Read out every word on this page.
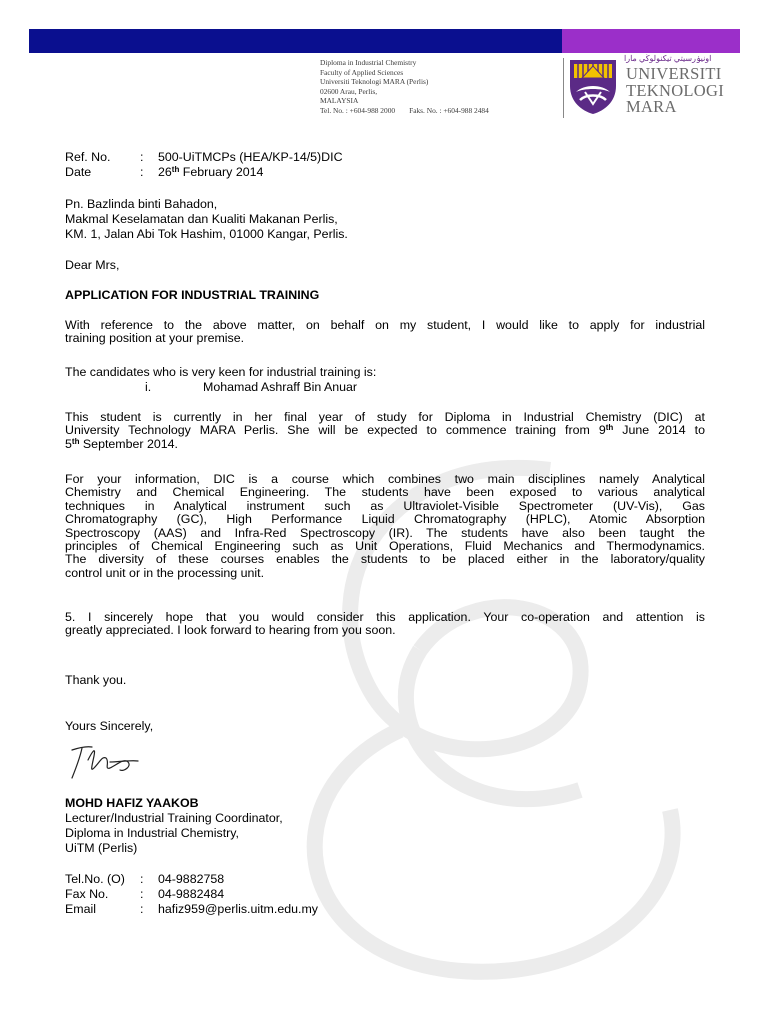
Diploma in Industrial Chemistry
Faculty of Applied Sciences
Universiti Teknologi MARA (Perlis)
02600 Arau, Perlis,
MALAYSIA
Tel. No. : +604-988 2000 Faks. No. : +604-988 2484
اونيۏرسيتي تيکنولوڬي مارا
UNIVERSITI
TEKNOLOGI
MARA
Ref. No. : 500-UiTMCPs (HEA/KP-14/5)DIC
Date	: 26th February 2014
Pn. Bazlinda binti Bahadon,
Makmal Keselamatan dan Kualiti Makanan Perlis,
KM. 1, Jalan Abi Tok Hashim, 01000 Kangar, Perlis.
Dear Mrs,
APPLICATION FOR INDUSTRIAL TRAINING
With reference to the above matter, on behalf on my student, I would like to apply for industrial
training position at your premise.
The candidates who is very keen for industrial training is:
i.	Mohamad Ashraff Bin Anuar
This student is currently in her final year of study for Diploma in Industrial Chemistry (DIC) at
University Technology MARA Perlis. She will be expected to commence training from 9th June 2014 to
5th September 2014.
For your information, DIC is a course which combines two main disciplines namely Analytical
Chemistry and Chemical Engineering. The students have been exposed to various analytical
techniques in Analytical instrument such as Ultraviolet-Visible Spectrometer (UV-Vis), Gas
Chromatography (GC), High Performance Liquid Chromatography (HPLC), Atomic Absorption
Spectroscopy (AAS) and Infra-Red Spectroscopy (IR). The students have also been taught the
principles of Chemical Engineering such as Unit Operations, Fluid Mechanics and Thermodynamics.
The diversity of these courses enables the students to be placed either in the laboratory/quality
control unit or in the processing unit.
5. I sincerely hope that you would consider this application. Your co-operation and attention is
greatly appreciated. I look forward to hearing from you soon.
Thank you.
Yours Sincerely,
MOHD HAFIZ YAAKOB
Lecturer/Industrial Training Coordinator,
Diploma in Industrial Chemistry,
UiTM (Perlis)
Tel.No. (O) : 04-9882758
Fax No.	: 04-9882484
Email	: hafiz959@perlis.uitm.edu.my
